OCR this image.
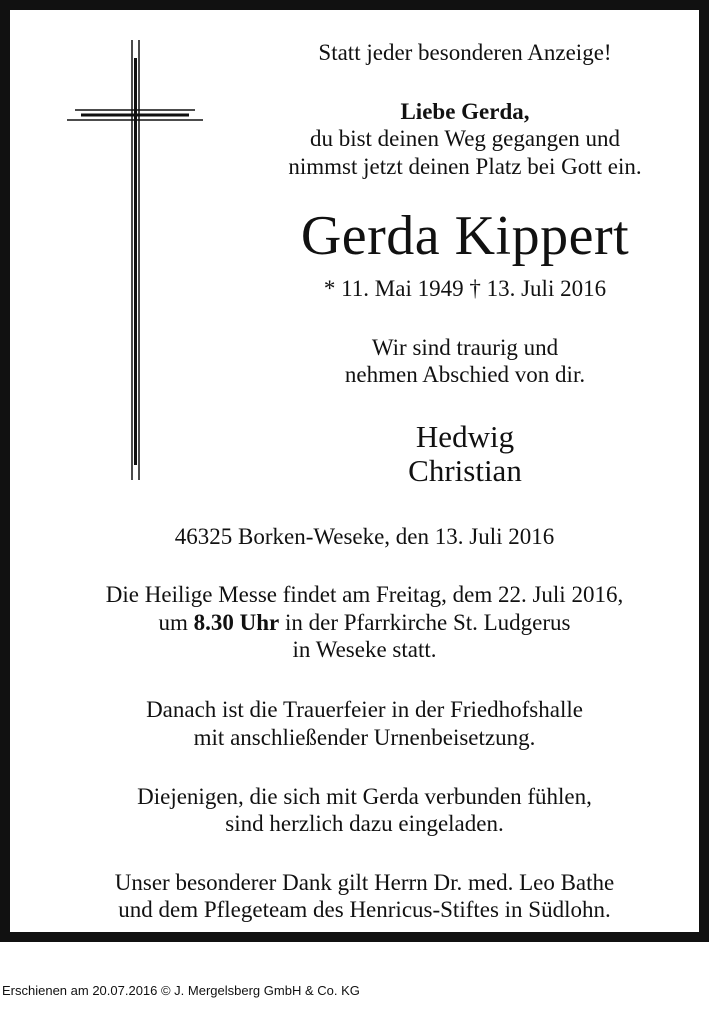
Statt jeder besonderen Anzeige!
Liebe Gerda,
du bist deinen Weg gegangen und
nimmst jetzt deinen Platz bei Gott ein.
Gerda Kippert
* 11. Mai 1949 † 13. Juli 2016
Wir sind traurig und
nehmen Abschied von dir.
Hedwig
Christian
46325 Borken-Weseke, den 13. Juli 2016
Die Heilige Messe findet am Freitag, dem 22. Juli 2016,
um 8.30 Uhr in der Pfarrkirche St. Ludgerus
in Weseke statt.
Danach ist die Trauerfeier in der Friedhofshalle
mit anschließender Urnenbeisetzung.
Diejenigen, die sich mit Gerda verbunden fühlen,
sind herzlich dazu eingeladen.
Unser besonderer Dank gilt Herrn Dr. med. Leo Bathe
und dem Pflegeteam des Henricus-Stiftes in Südlohn.
Erschienen am 20.07.2016 © J. Mergelsberg GmbH & Co. KG
